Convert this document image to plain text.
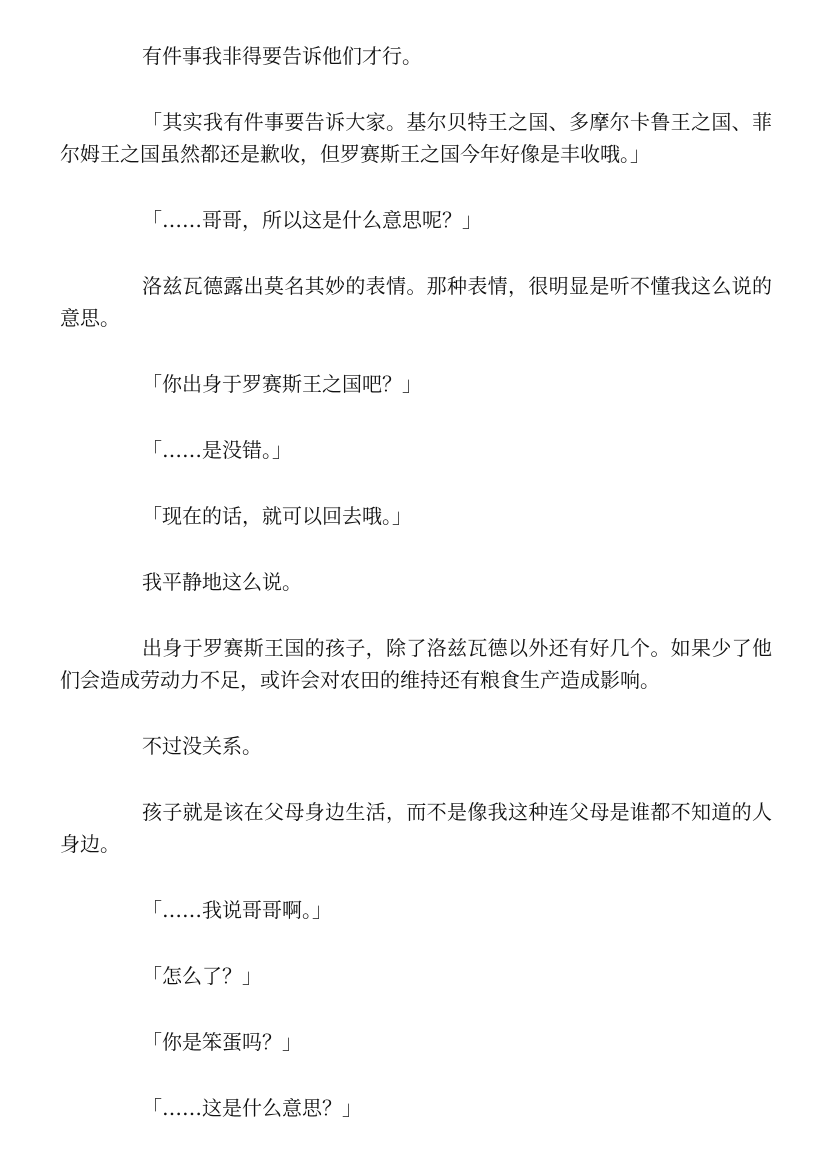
有件事我非得要告诉他们才行。

「其实我有件事要告诉大家。基尔贝特王之国、多摩尔卡鲁王之国、菲尔姆王之国虽然都还是歉收，但罗赛斯王之国今年好像是丰收哦。」

「……哥哥，所以这是什么意思呢？」

洛兹瓦德露出莫名其妙的表情。那种表情，很明显是听不懂我这么说的意思。

「你出身于罗赛斯王之国吧？」

「……是没错。」

「现在的话，就可以回去哦。」

我平静地这么说。

出身于罗赛斯王国的孩子，除了洛兹瓦德以外还有好几个。如果少了他们会造成劳动力不足，或许会对农田的维持还有粮食生产造成影响。

不过没关系。

孩子就是该在父母身边生活，而不是像我这种连父母是谁都不知道的人身边。

「……我说哥哥啊。」

「怎么了？」

「你是笨蛋吗？」

「……这是什么意思？」
